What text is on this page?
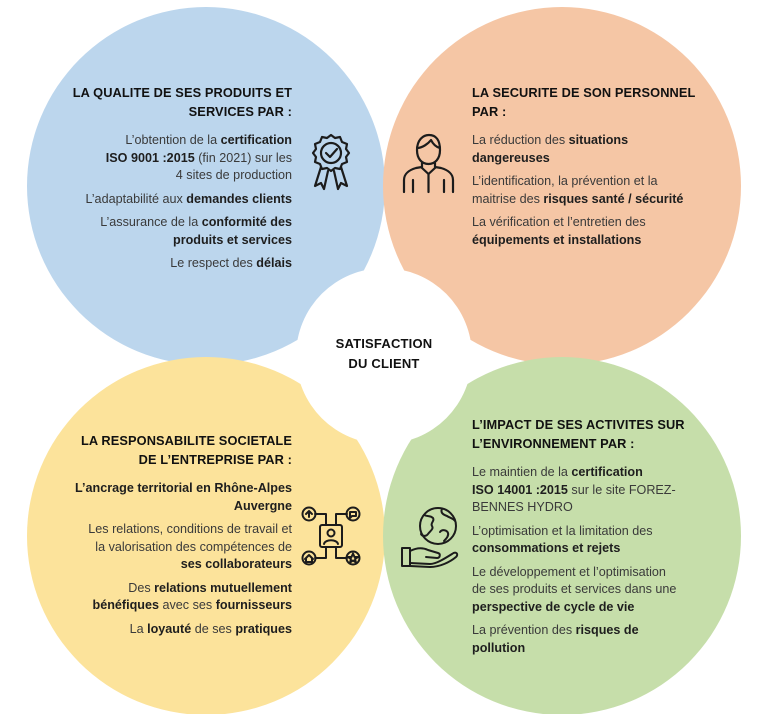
SATISFACTION
DU CLIENT
LA QUALITE DE SES PRODUITS ET
SERVICES PAR :
L’obtention de la certification
ISO 9001 :2015 (fin 2021) sur les
4 sites de production
L’adaptabilité aux demandes clients
L’assurance de la conformité des
produits et services
Le respect des délais
LA SECURITE DE SON PERSONNEL
PAR :
La réduction des situations
dangereuses
L’identification, la prévention et la
maitrise des risques santé / sécurité
La vérification et l’entretien des
équipements et installations
LA RESPONSABILITE SOCIETALE
DE L’ENTREPRISE PAR :
L’ancrage territorial en Rhône-Alpes
Auvergne
Les relations, conditions de travail et
la valorisation des compétences de
ses collaborateurs
Des relations mutuellement
bénéfiques avec ses fournisseurs
La loyauté de ses pratiques
L’IMPACT DE SES ACTIVITES SUR
L’ENVIRONNEMENT PAR :
Le maintien de la certification
ISO 14001 :2015 sur le site FOREZ-
BENNES HYDRO
L’optimisation et la limitation des
consommations et rejets
Le développement et l’optimisation
de ses produits et services dans une
perspective de cycle de vie
La prévention des risques de
pollution
